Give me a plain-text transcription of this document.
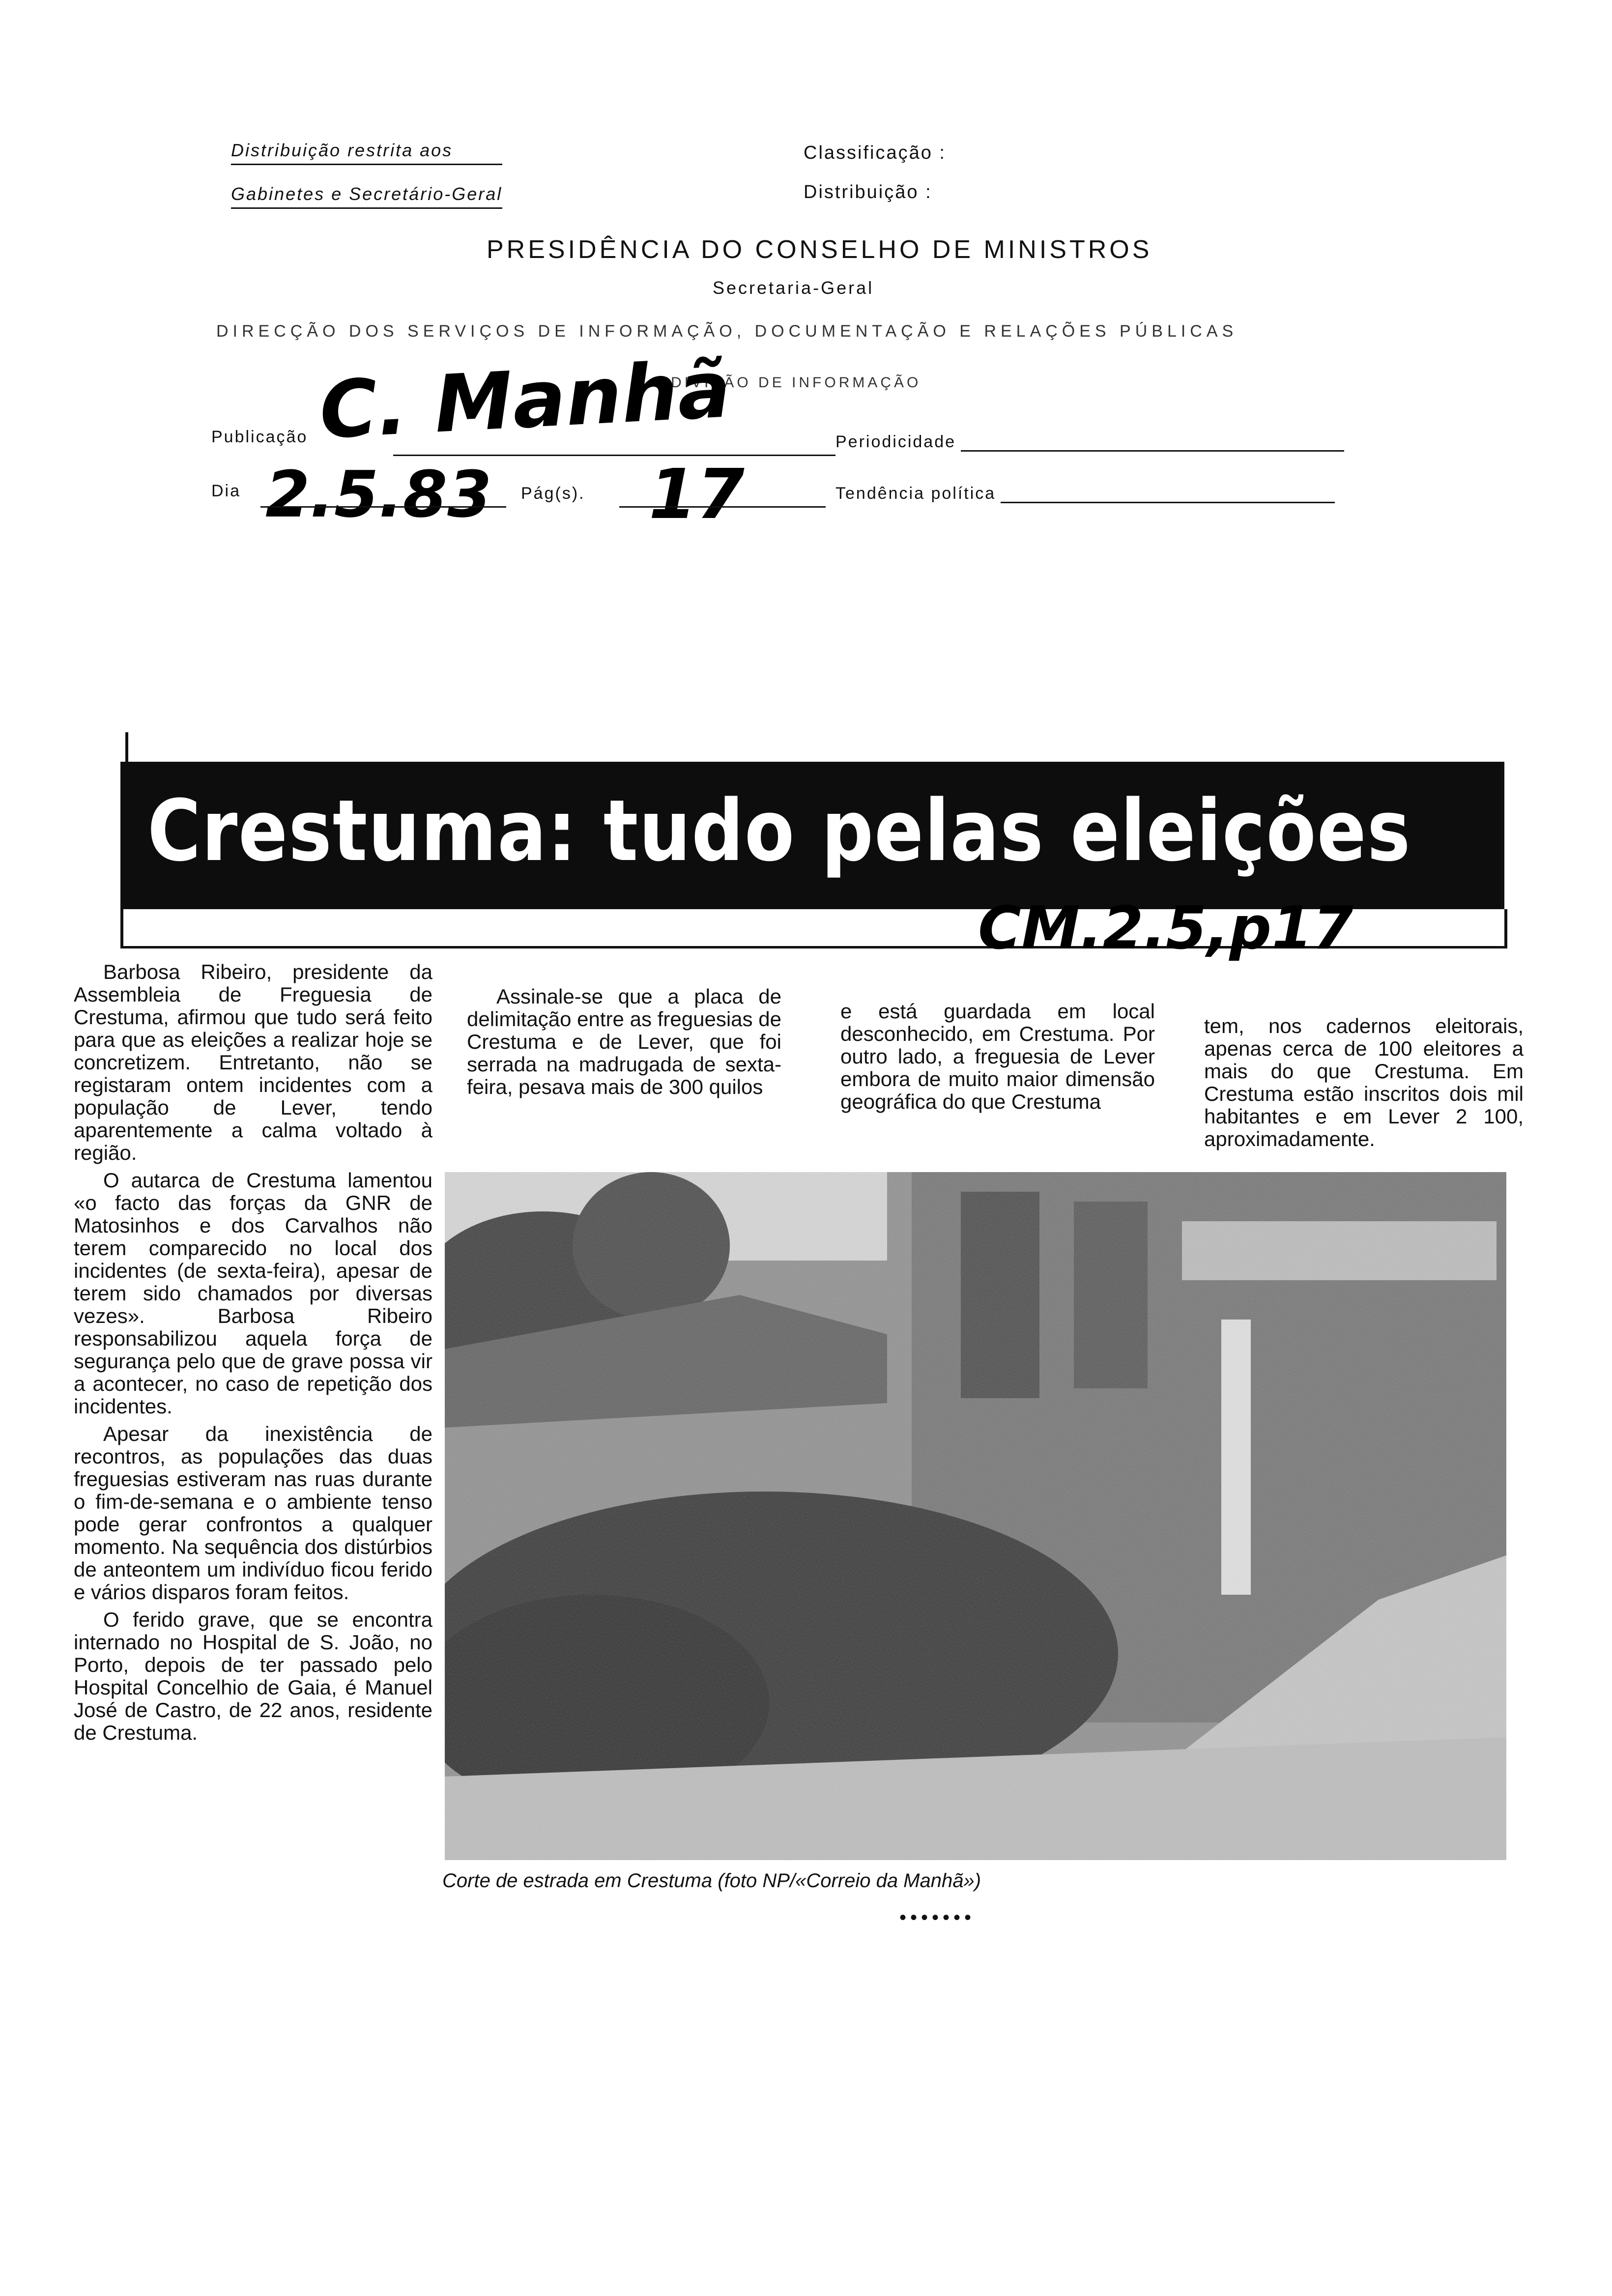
Distribuição restrita aos
Gabinetes e Secretário-Geral
Classificação :
Distribuição :
PRESIDÊNCIA DO CONSELHO DE MINISTROS
Secretaria-Geral
DIRECÇÃO DOS SERVIÇOS DE INFORMAÇÃO, DOCUMENTAÇÃO E RELAÇÕES PÚBLICAS
DIVISÃO DE INFORMAÇÃO
Publicação C. Manhã	Periodicidade
Dia 2.5.83 Pág(s). 17	Tendência política
Crestuma: tudo pelas eleições
CM.2.5,p17

Barbosa Ribeiro, presidente da Assembleia de Freguesia de Crestuma, afirmou que tudo será feito para que as eleições a realizar hoje se concretizem. Entretanto, não se registaram ontem incidentes com a população de Lever, tendo aparentemente a calma voltado à região.

O autarca de Crestuma lamentou «o facto das forças da GNR de Matosinhos e dos Carvalhos não terem comparecido no local dos incidentes (de sexta-feira), apesar de terem sido chamados por diversas vezes». Barbosa Ribeiro responsabilizou aquela força de segurança pelo que de grave possa vir a acontecer, no caso de repetição dos incidentes.

Apesar da inexistência de recontros, as populações das duas freguesias estiveram nas ruas durante o fim-de-semana e o ambiente tenso pode gerar confrontos a qualquer momento. Na sequência dos distúrbios de anteontem um indivíduo ficou ferido e vários disparos foram feitos.

O ferido grave, que se encontra internado no Hospital de S. João, no Porto, depois de ter passado pelo Hospital Concelhio de Gaia, é Manuel José de Castro, de 22 anos, residente de Crestuma.

Assinale-se que a placa de delimitação entre as freguesias de Crestuma e de Lever, que foi serrada na madrugada de sexta-feira, pesava mais de 300 quilos

e está guardada em local desconhecido, em Crestuma. Por outro lado, a freguesia de Lever embora de muito maior dimensão geográfica do que Crestuma

tem, nos cadernos eleitorais, apenas cerca de 100 eleitores a mais do que Crestuma. Em Crestuma estão inscritos dois mil habitantes e em Lever 2 100, aproximadamente.

Corte de estrada em Crestuma (foto NP/«Correio da Manhã»)
•••••••
